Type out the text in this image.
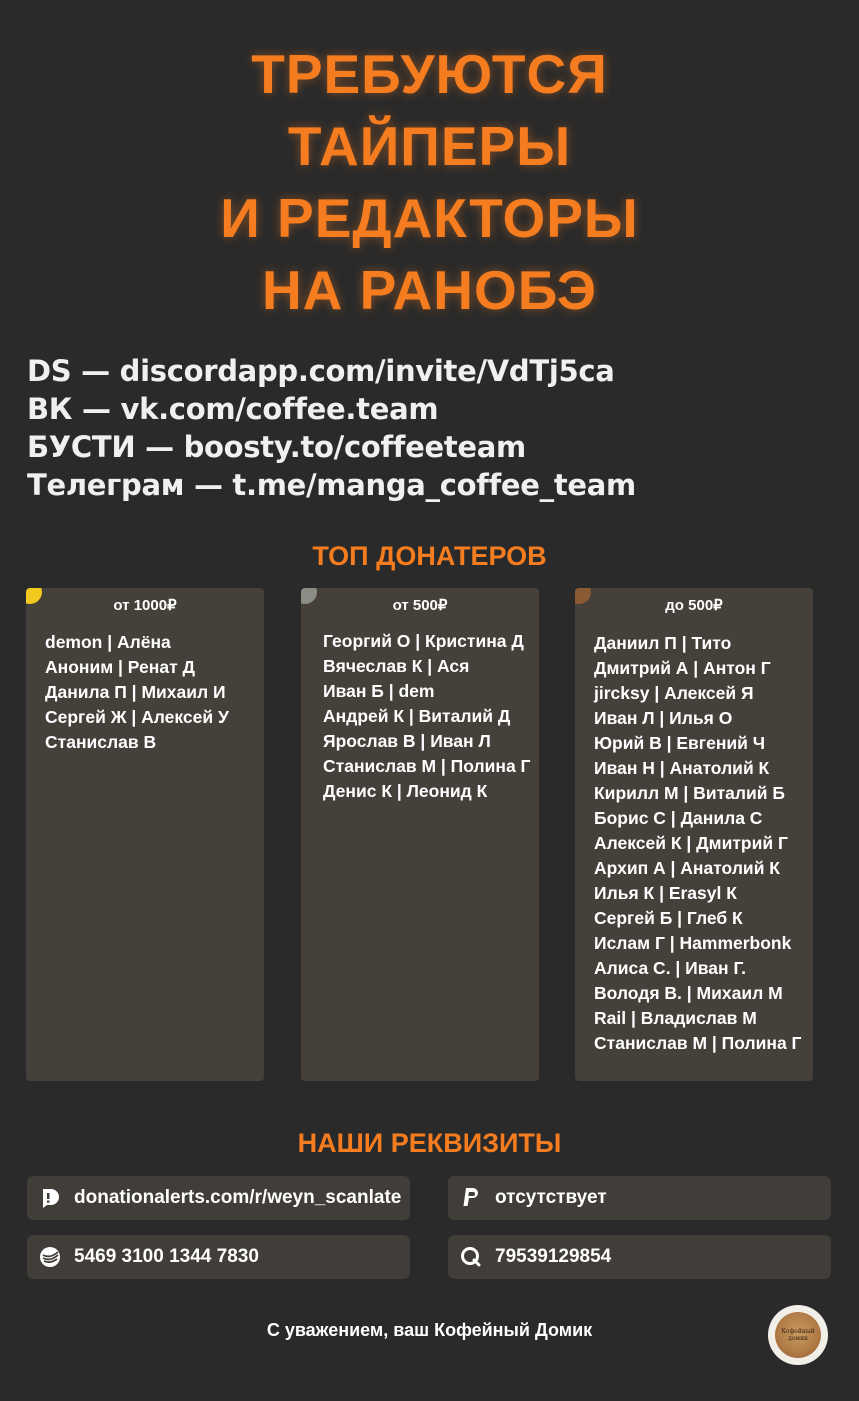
ТРЕБУЮТСЯ
ТАЙПЕРЫ
И РЕДАКТОРЫ
НА РАНОБЭ
DS — discordapp.com/invite/VdTj5ca
ВК — vk.com/coffee.team
БУСТИ — boosty.to/coffeeteam
Телеграм — t.me/manga_coffee_team
ТОП ДОНАТЕРОВ
от 1000₽
demon | Алёна
Аноним | Ренат Д
Данила П | Михаил И
Сергей Ж | Алексей У
Станислав В
от 500₽
Георгий О | Кристина Д
Вячеслав К | Ася
Иван Б | dem
Андрей К | Виталий Д
Ярослав В | Иван Л
Станислав М | Полина Г
Денис К | Леонид К
до 500₽
Даниил П | Тито
Дмитрий А | Антон Г
jircksy | Алексей Я
Иван Л | Илья О
Юрий В | Евгений Ч
Иван Н | Анатолий К
Кирилл М | Виталий Б
Борис С | Данила С
Алексей К | Дмитрий Г
Архип А | Анатолий К
Илья К | Erasyl К
Сергей Б | Глеб К
Ислам Г | Hammerbonk
Алиса С. | Иван Г.
Володя В. | Михаил М
Rail | Владислав М
Станислав М | Полина Г
НАШИ РЕКВИЗИТЫ
donationalerts.com/r/weyn_scanlate	отсутствует
5469 3100 1344 7830	79539129854
С уважением, ваш Кофейный Домик	Кофейный домик
